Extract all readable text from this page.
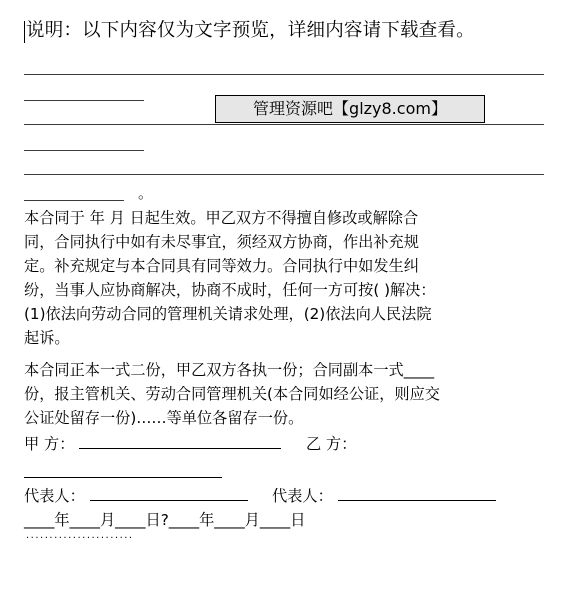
说明：以下内容仅为文字预览，详细内容请下载查看。
管理资源吧【glzy8.com】
。
本合同于 年 月 日起生效。甲乙双方不得擅自修改或解除合
同，合同执行中如有未尽事宜，须经双方协商，作出补充规
定。补充规定与本合同具有同等效力。合同执行中如发生纠
纷，当事人应协商解决，协商不成时，任何一方可按( )解决：
(1)依法向劳动合同的管理机关请求处理，(2)依法向人民法院
起诉。
本合同正本一式二份，甲乙双方各执一份；合同副本一式____
份，报主管机关、劳动合同管理机关(本合同如经公证，则应交
公证处留存一份)……等单位各留存一份。
甲 方：	乙 方：
代表人：	代表人：
____年____月____日?____年____月____日
·······················
